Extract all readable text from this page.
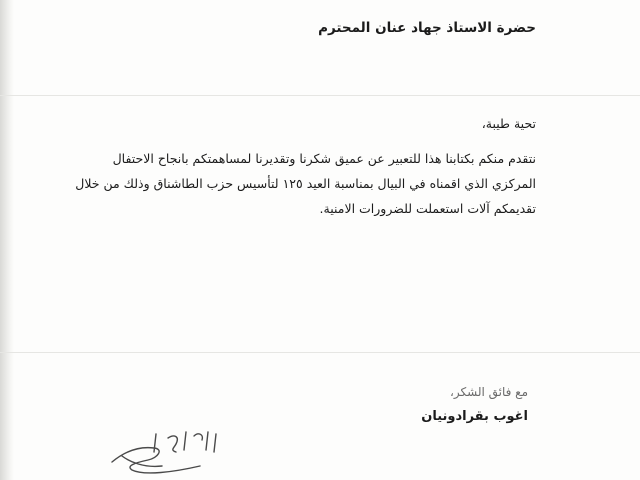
حضرة الاستاذ جهاد عنان المحترم
تحية طيبة،
نتقدم منكم بكتابنا هذا للتعبير عن عميق شكرنا وتقديرنا لمساهمتكم بانجاح الاحتفال
المركزي الذي اقمناه في البيال بمناسبة العيد ١٢٥ لتأسيس حزب الطاشناق وذلك من خلال
تقديمكم آلات استعملت للضرورات الامنية.
مع فائق الشكر،
اغوب بقرادونيان
